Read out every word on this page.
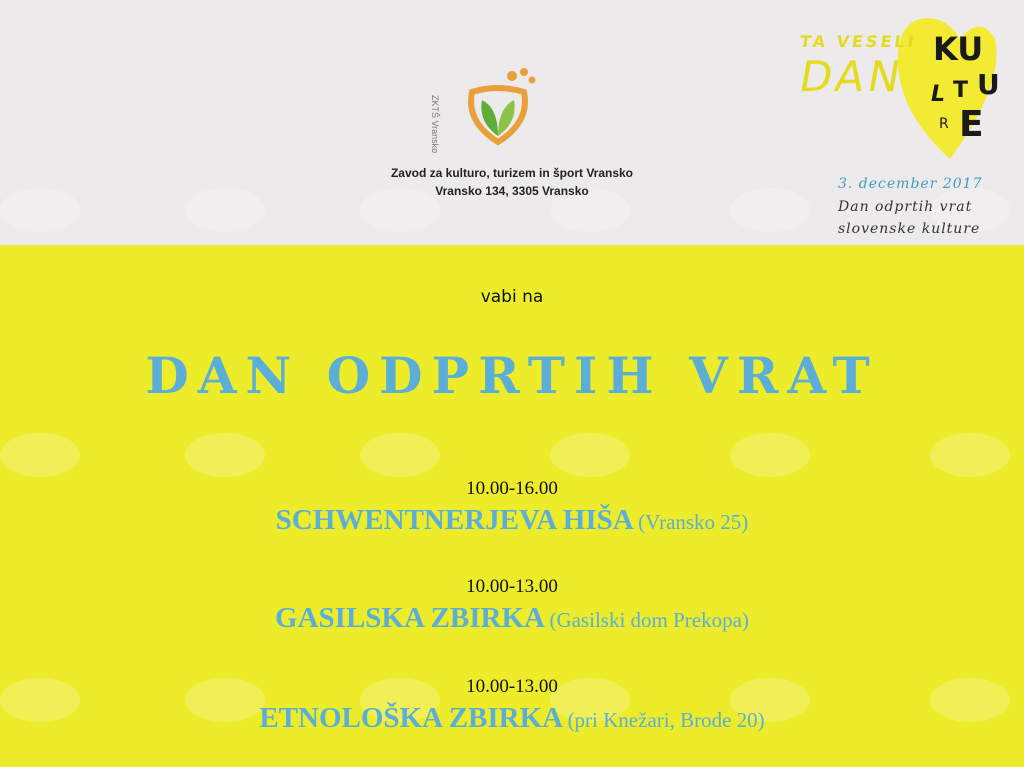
ZKTŠ Vransko
Zavod za kulturo, turizem in šport Vransko
Vransko 134, 3305 Vransko
TA VESELI
DAN
KU
L T U
R E
3. december 2017
Dan odprtih vrat
slovenske kulture
vabi na
DAN ODPRTIH VRAT
10.00-16.00
SCHWENTNERJEVA HIŠA (Vransko 25)
10.00-13.00
GASILSKA ZBIRKA (Gasilski dom Prekopa)
10.00-13.00
ETNOLOŠKA ZBIRKA (pri Knežari, Brode 20)
